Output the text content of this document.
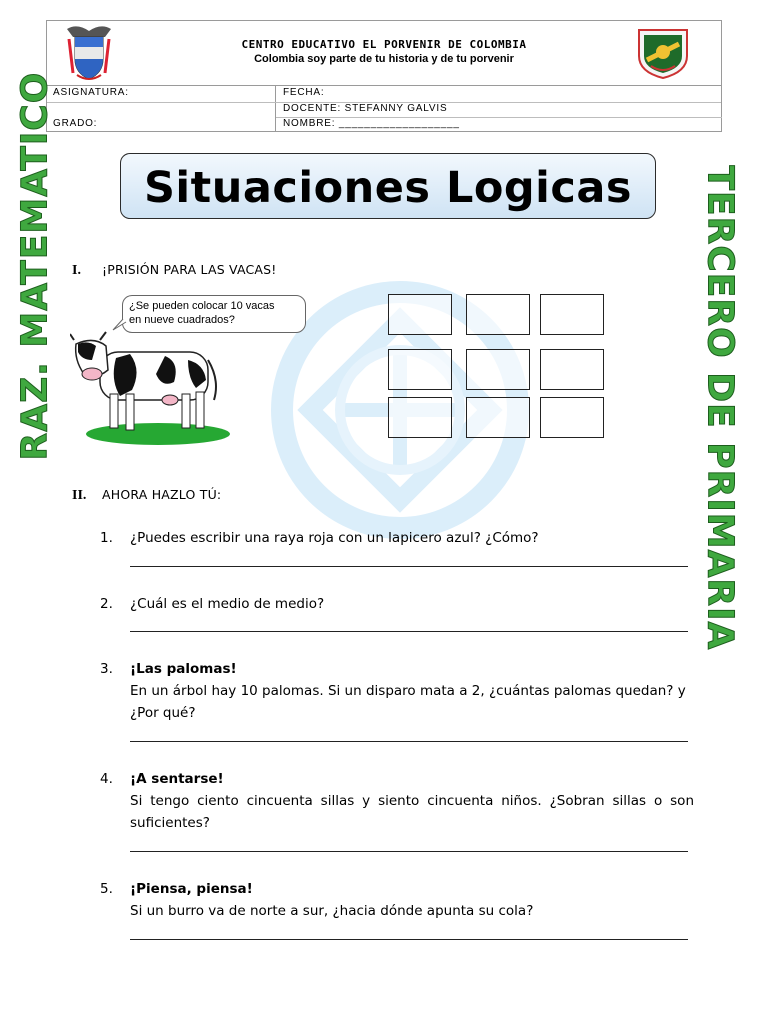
CENTRO EDUCATIVO EL PORVENIR DE COLOMBIA
Colombia soy parte de tu historia y de tu porvenir
ASIGNATURA:	FECHA:
DOCENTE: STEFANNY GALVIS
GRADO:	NOMBRE: ___________________
RAZ. MATEMATICO	TERCERO DE PRIMARIA
Situaciones Logicas
I. ¡PRISIÓN PARA LAS VACAS!
¿Se pueden colocar 10 vacas
en nueve cuadrados?
II. AHORA HAZLO TÚ:
1. ¿Puedes escribir una raya roja con un lapicero azul? ¿Cómo?
2. ¿Cuál es el medio de medio?
3. ¡Las palomas!
En un árbol hay 10 palomas. Si un disparo mata a 2, ¿cuántas palomas quedan? y ¿Por qué?
4. ¡A sentarse!
Si tengo ciento cincuenta sillas y siento cincuenta niños. ¿Sobran sillas o son suficientes?
5. ¡Piensa, piensa!
Si un burro va de norte a sur, ¿hacia dónde apunta su cola?
